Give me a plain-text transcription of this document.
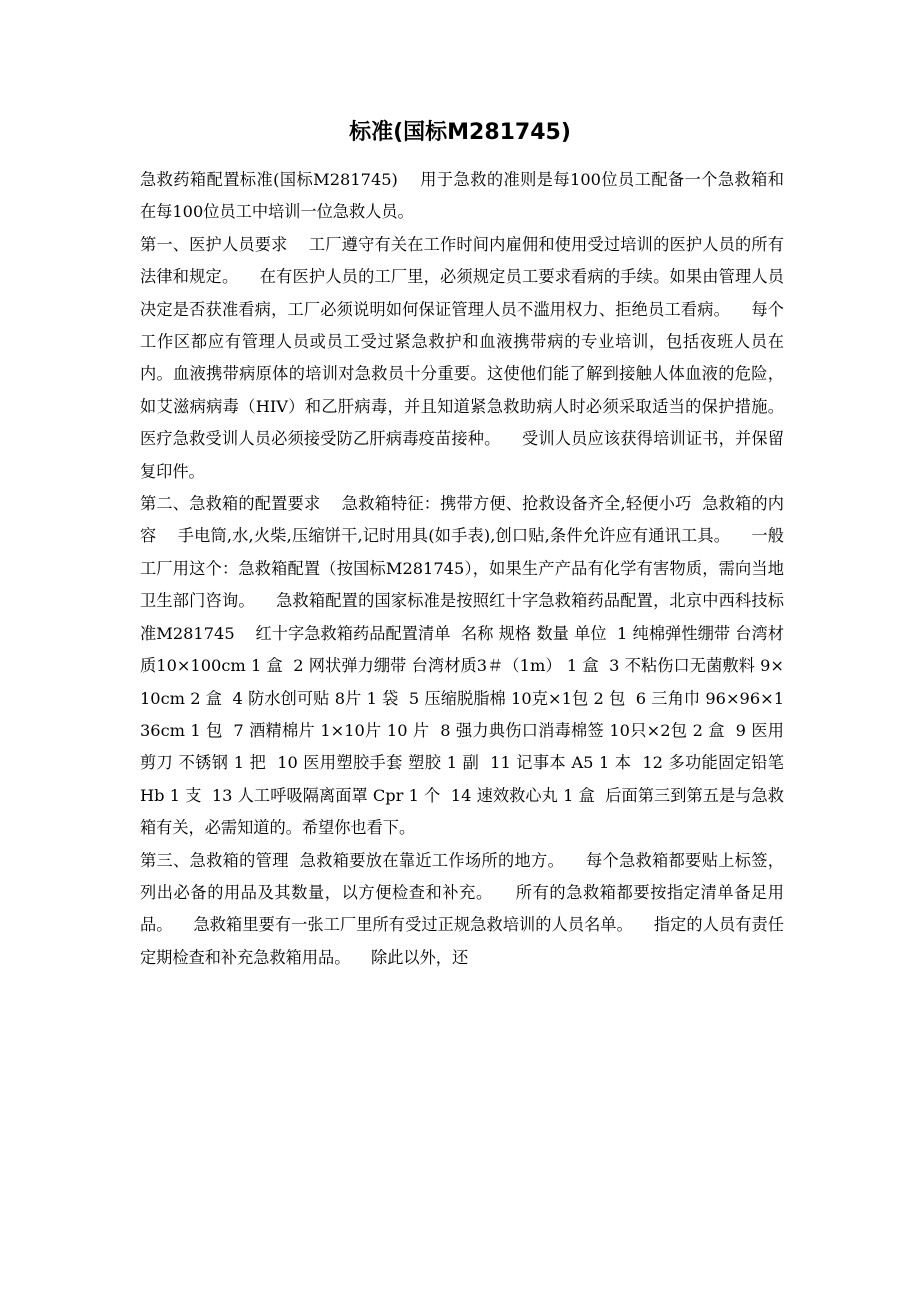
标准(国标M281745)

急救药箱配置标准(国标M281745)    用于急救的准则是每100位员工配备一个急救箱和在每100位员工中培训一位急救人员。

第一、医护人员要求    工厂遵守有关在工作时间内雇佣和使用受过培训的医护人员的所有法律和规定。    在有医护人员的工厂里，必须规定员工要求看病的手续。如果由管理人员决定是否获准看病，工厂必须说明如何保证管理人员不滥用权力、拒绝员工看病。    每个工作区都应有管理人员或员工受过紧急救护和血液携带病的专业培训，包括夜班人员在内。血液携带病原体的培训对急救员十分重要。这使他们能了解到接触人体血液的危险，如艾滋病病毒（HIV）和乙肝病毒，并且知道紧急救助病人时必须采取适当的保护措施。    医疗急救受训人员必须接受防乙肝病毒疫苗接种。    受训人员应该获得培训证书，并保留复印件。

第二、急救箱的配置要求    急救箱特征：携带方便、抢救设备齐全,轻便小巧  急救箱的内容    手电筒,水,火柴,压缩饼干,记时用具(如手表),创口贴,条件允许应有通讯工具。    一般工厂用这个：急救箱配置（按国标M281745），如果生产产品有化学有害物质，需向当地卫生部门咨询。    急救箱配置的国家标准是按照红十字急救箱药品配置，北京中西科技标准M281745    红十字急救箱药品配置清单  名称 规格 数量 单位  1 纯棉弹性绷带 台湾材质10×100cm 1 盒  2 网状弹力绷带 台湾材质3＃（1m） 1 盒  3 不粘伤口无菌敷料 9×10cm 2 盒  4 防水创可贴 8片 1 袋  5 压缩脱脂棉 10克×1包 2 包  6 三角巾 96×96×136cm 1 包  7 酒精棉片 1×10片 10 片  8 强力典伤口消毒棉签 10只×2包 2 盒  9 医用剪刀 不锈钢 1 把  10 医用塑胶手套 塑胶 1 副  11 记事本 A5 1 本  12 多功能固定铅笔 Hb 1 支  13 人工呼吸隔离面罩 Cpr 1 个  14 速效救心丸 1 盒  后面第三到第五是与急救箱有关，必需知道的。希望你也看下。

第三、急救箱的管理  急救箱要放在靠近工作场所的地方。    每个急救箱都要贴上标签，列出必备的用品及其数量，以方便检查和补充。    所有的急救箱都要按指定清单备足用品。    急救箱里要有一张工厂里所有受过正规急救培训的人员名单。    指定的人员有责任定期检查和补充急救箱用品。    除此以外，还
